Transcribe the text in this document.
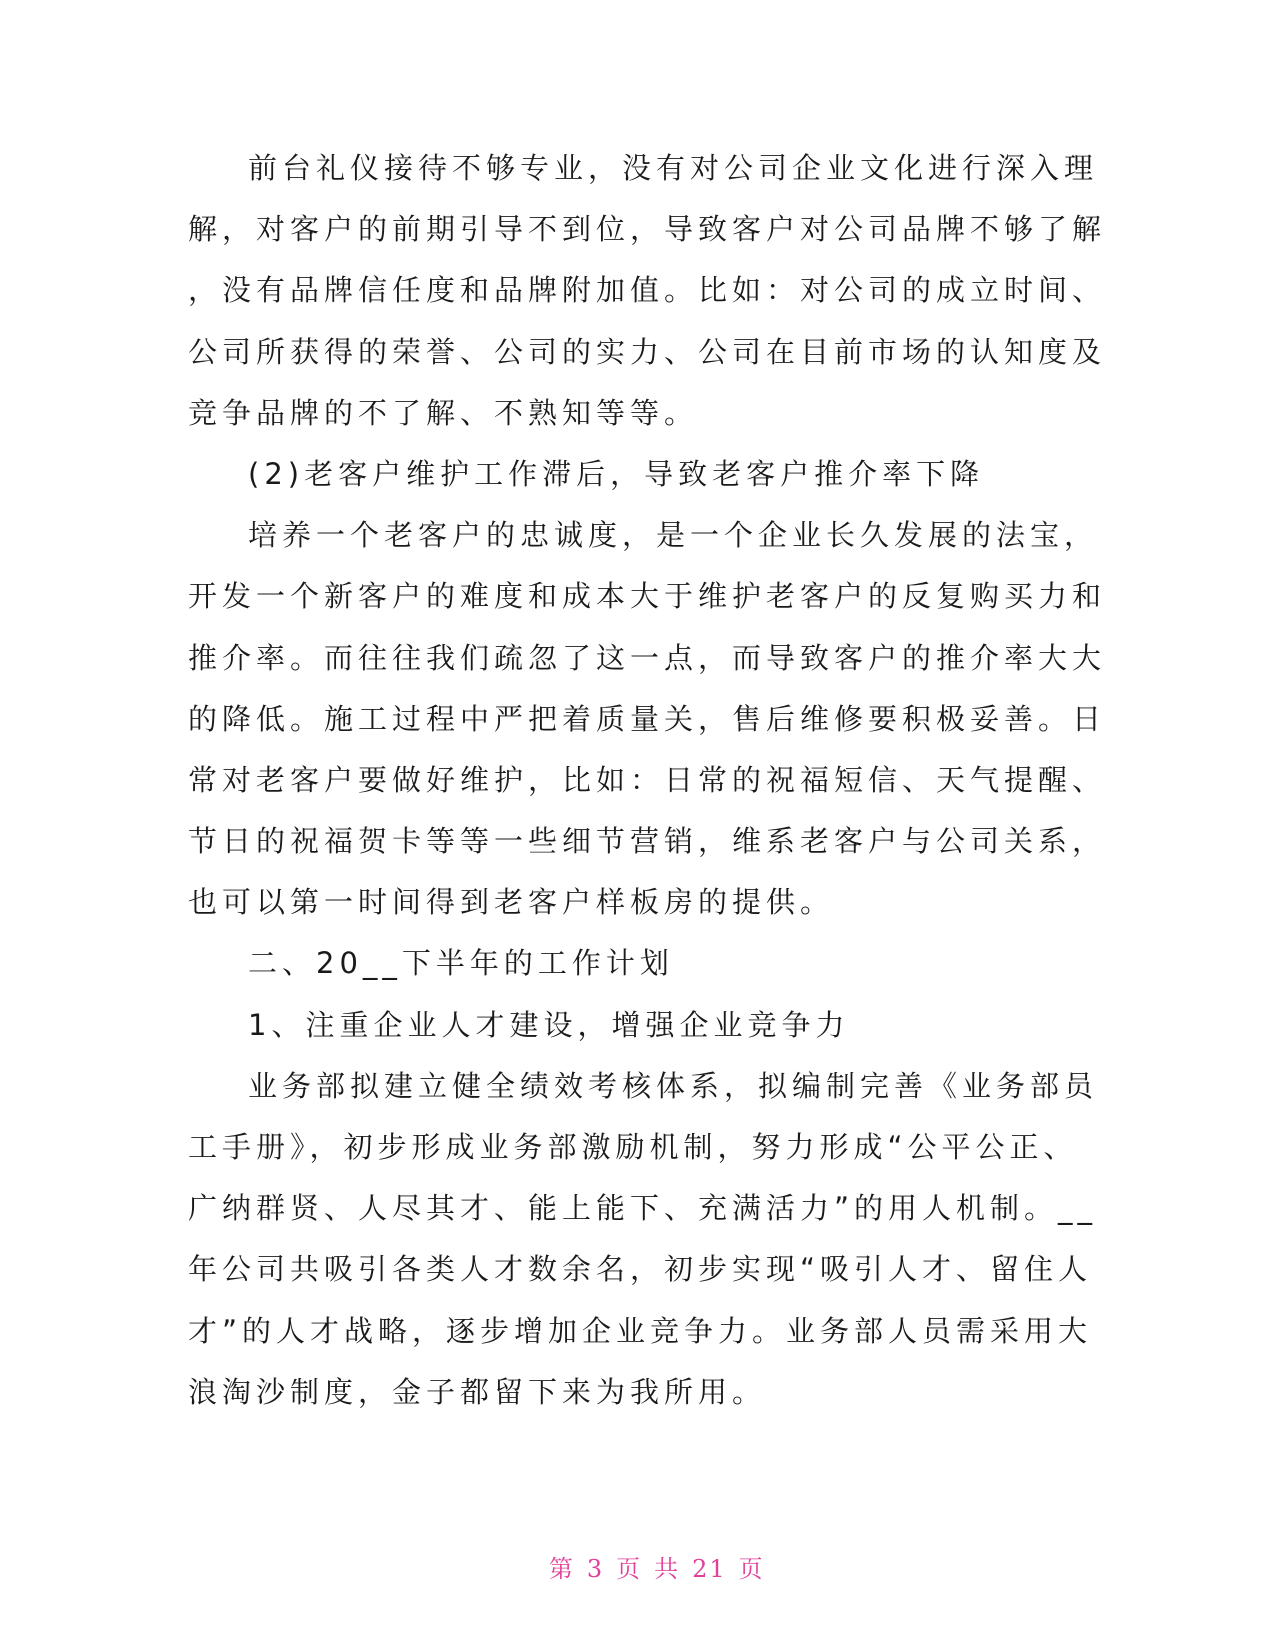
前台礼仪接待不够专业，没有对公司企业文化进行深入理
解，对客户的前期引导不到位，导致客户对公司品牌不够了解
，没有品牌信任度和品牌附加值。比如：对公司的成立时间、
公司所获得的荣誉、公司的实力、公司在目前市场的认知度及
竞争品牌的不了解、不熟知等等。
(2)老客户维护工作滞后，导致老客户推介率下降
培养一个老客户的忠诚度，是一个企业长久发展的法宝，
开发一个新客户的难度和成本大于维护老客户的反复购买力和
推介率。而往往我们疏忽了这一点，而导致客户的推介率大大
的降低。施工过程中严把着质量关，售后维修要积极妥善。日
常对老客户要做好维护，比如：日常的祝福短信、天气提醒、
节日的祝福贺卡等等一些细节营销，维系老客户与公司关系，
也可以第一时间得到老客户样板房的提供。
二、20__下半年的工作计划
1、注重企业人才建设，增强企业竞争力
业务部拟建立健全绩效考核体系，拟编制完善《业务部员
工手册》，初步形成业务部激励机制，努力形成“公平公正、
广纳群贤、人尽其才、能上能下、充满活力”的用人机制。__
年公司共吸引各类人才数余名，初步实现“吸引人才、留住人
才”的人才战略，逐步增加企业竞争力。业务部人员需采用大
浪淘沙制度，金子都留下来为我所用。

第 3 页 共 21 页
